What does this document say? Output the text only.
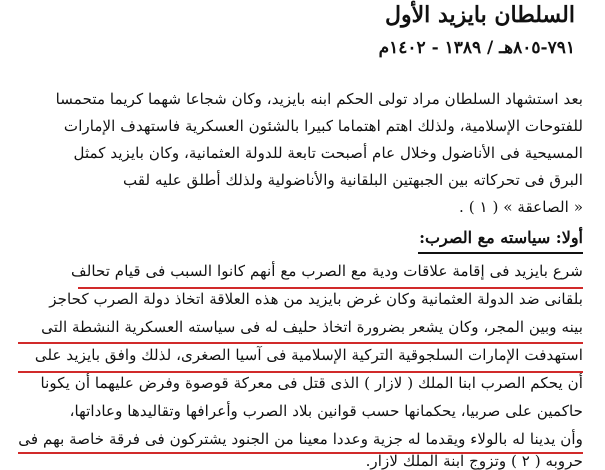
السلطان بايزيد الأول
٧٩١-٨٠٥هـ / ١٣٨٩ - ١٤٠٢م
بعد استشهاد السلطان مراد تولى الحكم ابنه بايزيد، وكان شجاعا شهما كريما متحمسا
للفتوحات الإسلامية، ولذلك اهتم اهتماما كبيرا بالشئون العسكرية فاستهدف الإمارات
المسيحية فى الأناضول وخلال عام أصبحت تابعة للدولة العثمانية، وكان بايزيد كمثل
البرق فى تحركاته بين الجبهتين البلقانية والأناضولية ولذلك أطلق عليه لقب
« الصاعقة » ( ١ ) .
أولا: سياسته مع الصرب:
شرع بايزيد فى إقامة علاقات ودية مع الصرب مع أنهم كانوا السبب فى قيام تحالف
بلقانى ضد الدولة العثمانية وكان غرض بايزيد من هذه العلاقة اتخاذ دولة الصرب كحاجز
بينه وبين المجر، وكان يشعر بضرورة اتخاذ حليف له فى سياسته العسكرية النشطة التى
استهدفت الإمارات السلجوقية التركية الإسلامية فى آسيا الصغرى، لذلك وافق بايزيد على
أن يحكم الصرب ابنا الملك ( لازار ) الذى قتل فى معركة قوصوة وفرض عليهما أن يكونا
حاكمين على صربيا، يحكمانها حسب قوانين بلاد الصرب وأعرافها وتقاليدها وعاداتها،
وأن يدينا له بالولاء ويقدما له جزية وعددا معينا من الجنود يشتركون فى فرقة خاصة بهم فى
حروبه ( ٢ ) وتزوج ابنة الملك لازار.
